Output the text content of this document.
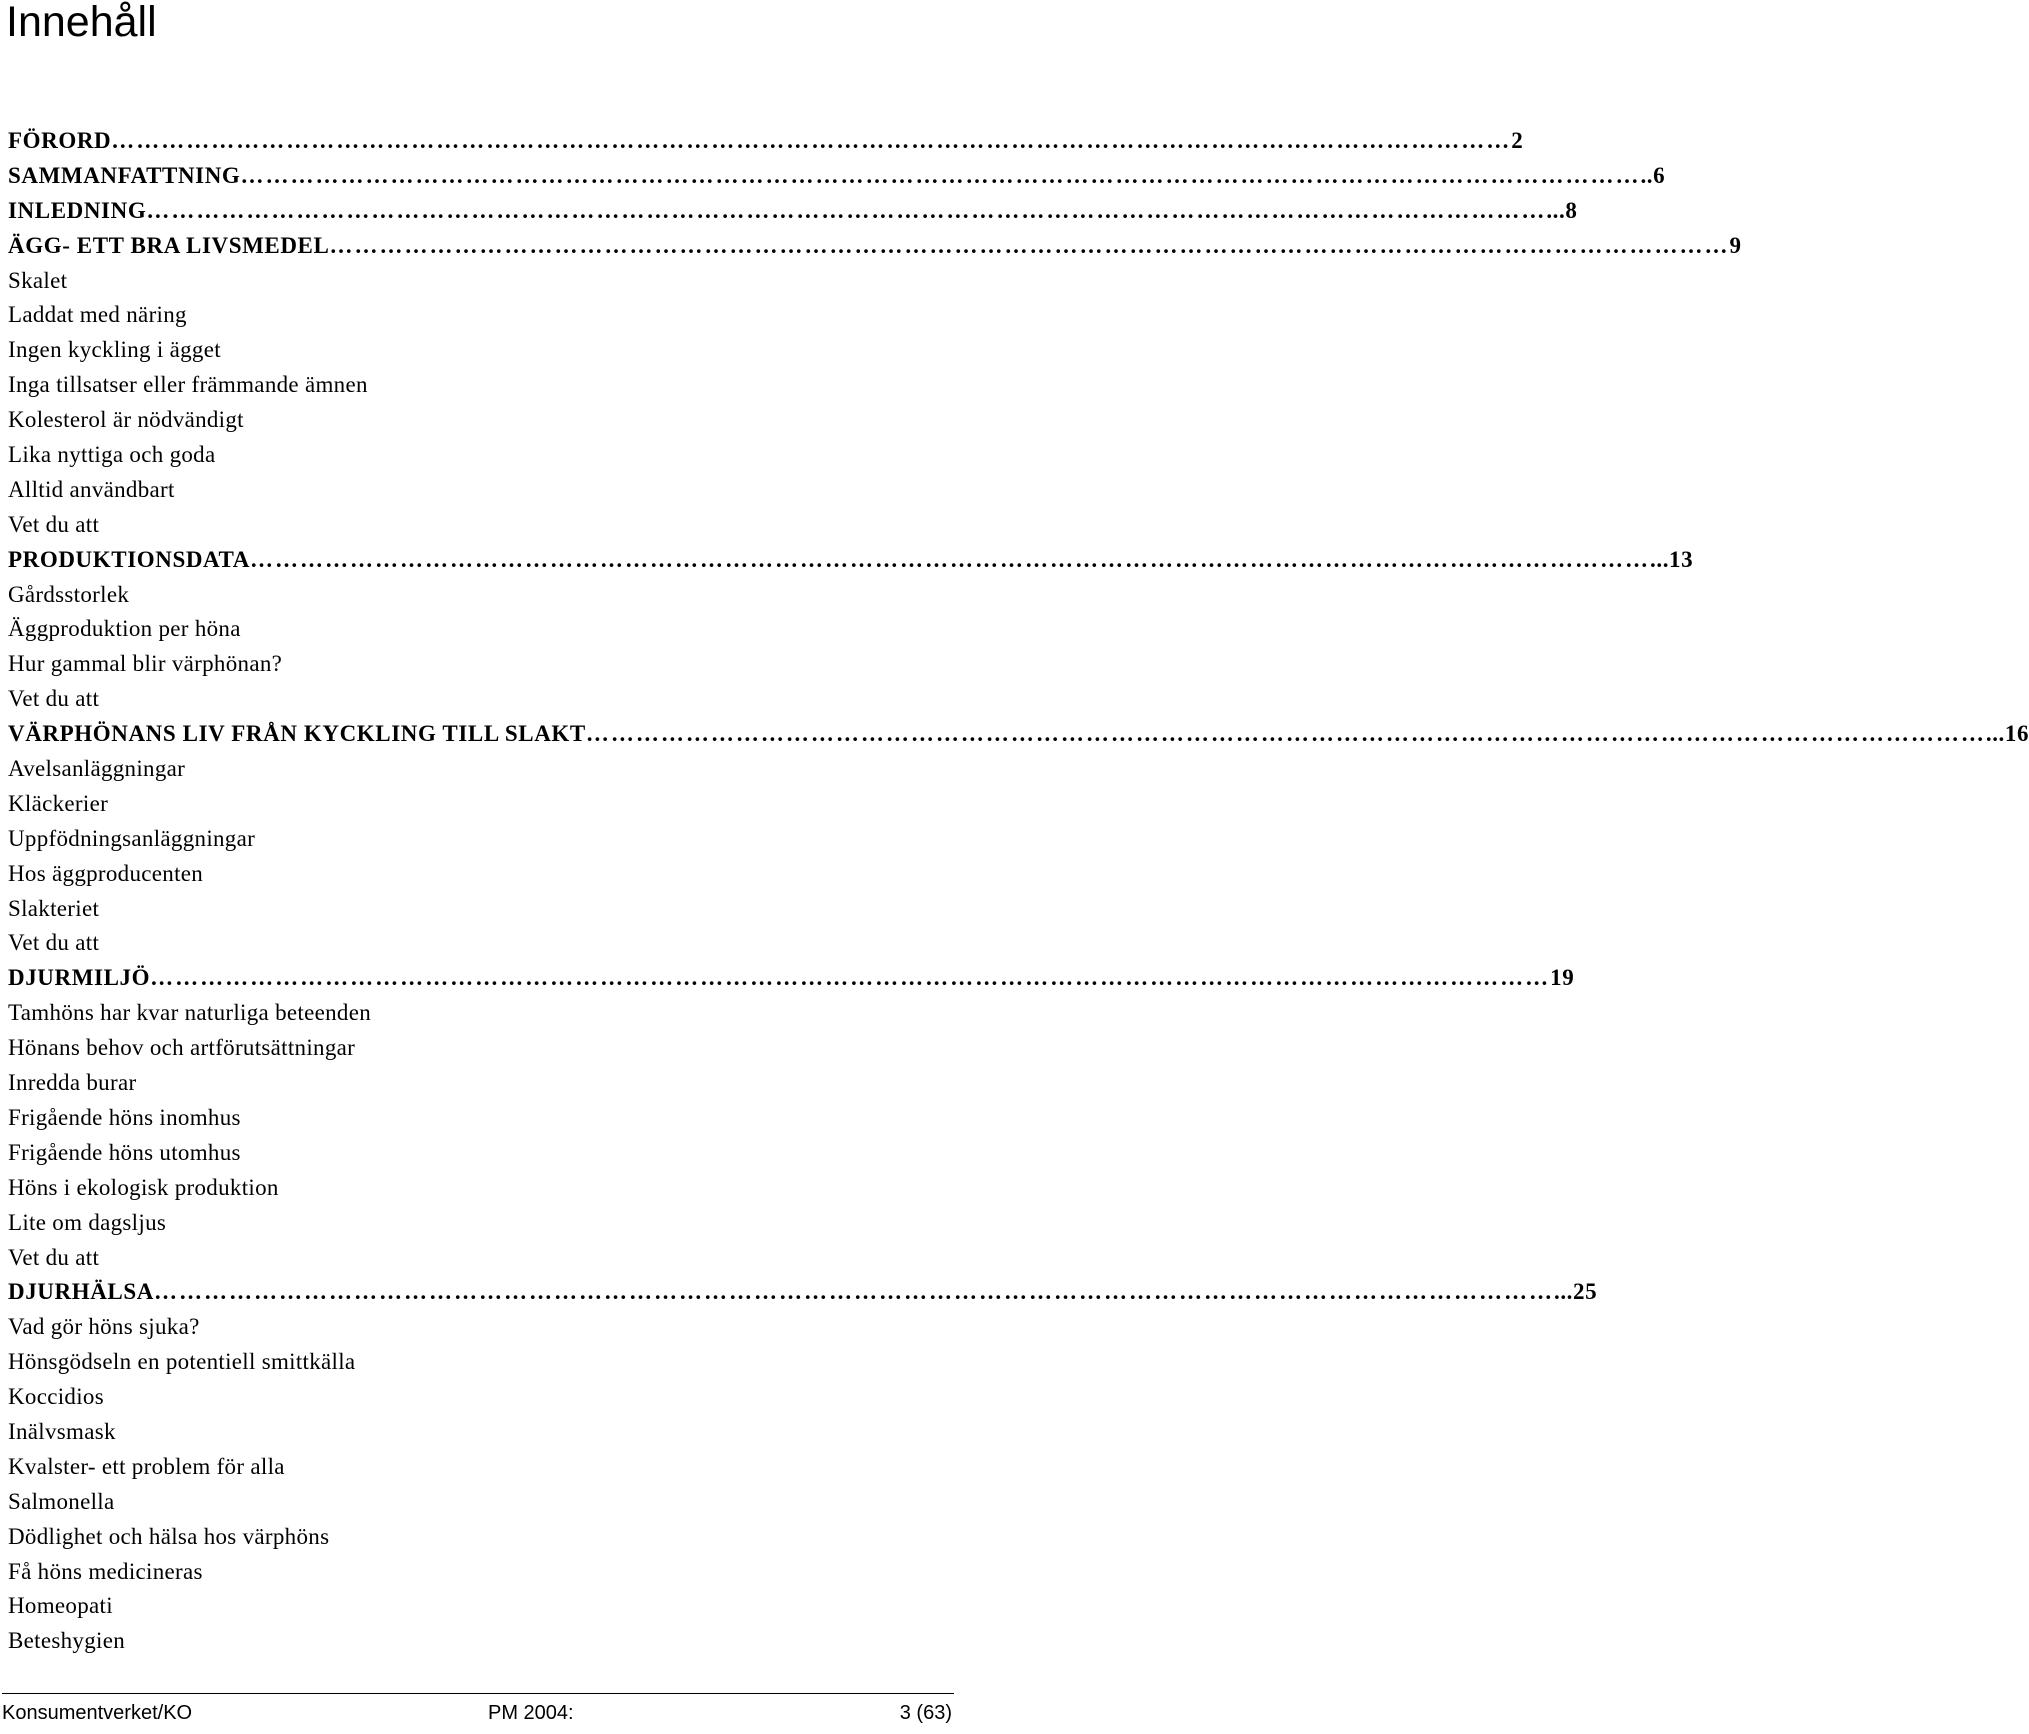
Innehåll
FÖRORD …………………………………………………………………………………………………………………………………………………… 2
SAMMANFATTNING …………………………………………………………………………………………………………………………………………………… ..6
INLEDNING …………………………………………………………………………………………………………………………………………………… ...8
ÄGG- ETT BRA LIVSMEDEL …………………………………………………………………………………………………………………………………………………… 9
Skalet
Laddat med näring
Ingen kyckling i ägget
Inga tillsatser eller främmande ämnen
Kolesterol är nödvändigt
Lika nyttiga och goda
Alltid användbart
Vet du att
PRODUKTIONSDATA …………………………………………………………………………………………………………………………………………………… ...13
Gårdsstorlek
Äggproduktion per höna
Hur gammal blir värphönan?
Vet du att
VÄRPHÖNANS LIV FRÅN KYCKLING TILL SLAKT …………………………………………………………………………………………………………………………………………………… ...16
Avelsanläggningar
Kläckerier
Uppfödningsanläggningar
Hos äggproducenten
Slakteriet
Vet du att
DJURMILJÖ …………………………………………………………………………………………………………………………………………………… 19
Tamhöns har kvar naturliga beteenden
Hönans behov och artförutsättningar
Inredda burar
Frigående höns inomhus
Frigående höns utomhus
Höns i ekologisk produktion
Lite om dagsljus
Vet du att
DJURHÄLSA …………………………………………………………………………………………………………………………………………………… ...25
Vad gör höns sjuka?
Hönsgödseln en potentiell smittkälla
Koccidios
Inälvsmask
Kvalster- ett problem för alla
Salmonella
Dödlighet och hälsa hos värphöns
Få höns medicineras
Homeopati
Beteshygien
Konsumentverket/KO	PM 2004:	3 (63)
